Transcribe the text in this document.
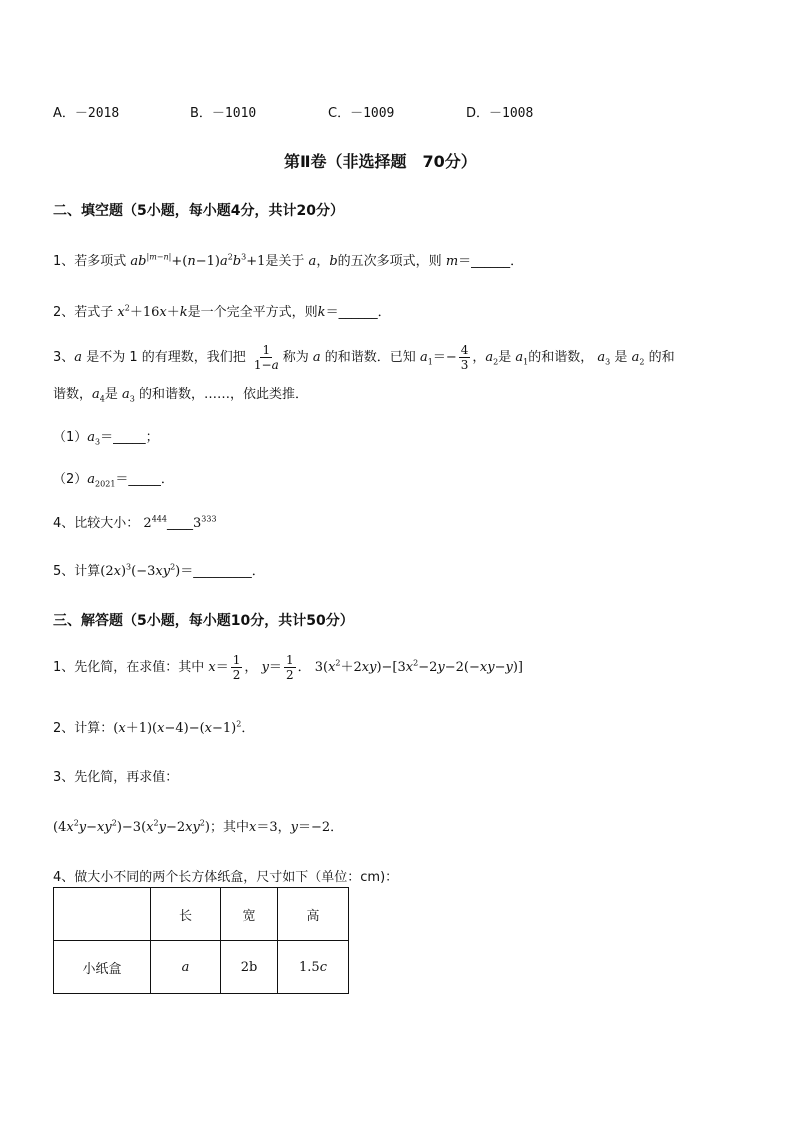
A．－2018	B．－1010	C．－1009	D．－1008
第Ⅱ卷（非选择题　70分）
二、填空题（5小题，每小题4分，共计20分）
1、若多项式 $ab^{|m-n|}+(n-1)a^2b^3+1$是关于 a，b的五次多项式，则 m＝______．
2、若式子 $x^2+16x+k$是一个完全平方式，则k＝______．
3、a 是不为 1 的有理数，我们把 $\frac{1}{1-a}$ 称为 a 的和谐数．已知 $a_1=- \frac{4}{3}$ ，$a_2$是 $a_1$的和谐数， $a_3$ 是 $a_2$ 的和
谐数，$a_4$是 $a_3$ 的和谐数，……，依此类推．
$(1)a_3=\_\_\_\_\_$；
$(2)a_{2021}=\_\_\_\_\_$．
4、比较大小： $2^{444}\_\_\_\_3^{333}$
5、计算$(2x)^3(-3xy^2)=\_\_\_\_\_\_\_\_\_$．
三、解答题（5小题，每小题10分，共计50分）
1、先化简，在求值：其中 $x= \frac{1}{2}$ ， $y= \frac{1}{2}$ ． $3(x^2+2xy)-[3x^2-2y-2(-xy-y)]$
2、计算：$(x+1)(x-4)-(x-1)^2$．
3、先化简，再求值：
$(4x^2y-xy^2)-3(x^2y-2xy^2)$；其中x＝3，y＝−2．
4、做大小不同的两个长方体纸盒，尺寸如下（单位：cm)：
	长	宽	高
小纸盒	a	2b	1.5c
